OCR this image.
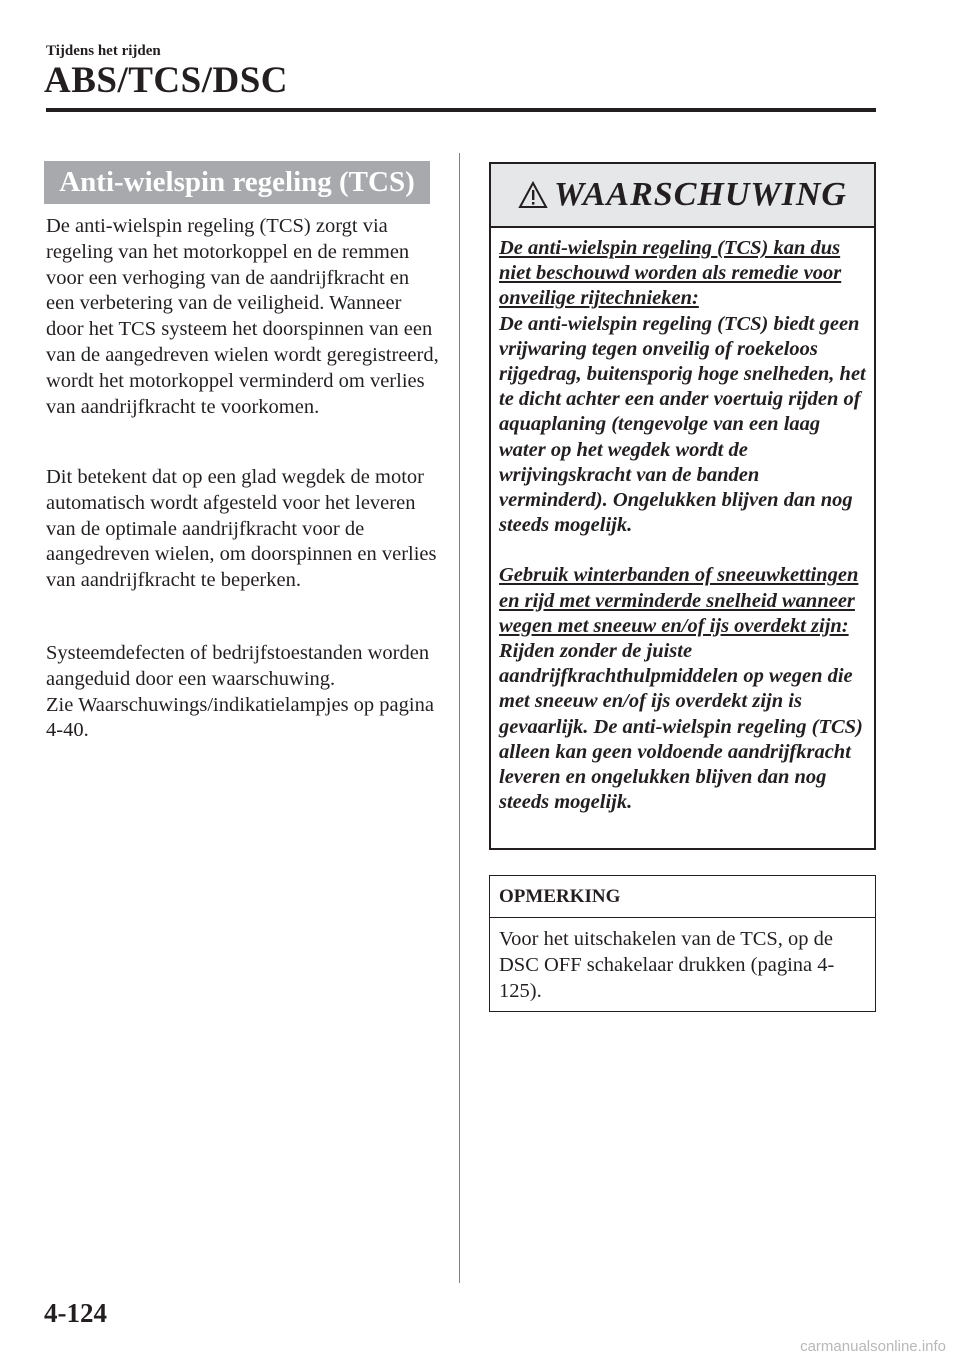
Tijdens het rijden
ABS/TCS/DSC
Anti-wielspin regeling (TCS)

De anti-wielspin regeling (TCS) zorgt via regeling van het motorkoppel en de remmen voor een verhoging van de aandrijfkracht en een verbetering van de veiligheid. Wanneer door het TCS systeem het doorspinnen van een van de aangedreven wielen wordt geregistreerd, wordt het motorkoppel verminderd om verlies van aandrijfkracht te voorkomen.

Dit betekent dat op een glad wegdek de motor automatisch wordt afgesteld voor het leveren van de optimale aandrijfkracht voor de aangedreven wielen, om doorspinnen en verlies van aandrijfkracht te beperken.

Systeemdefecten of bedrijfstoestanden worden aangeduid door een waarschuwing.

Zie Waarschuwings/indikatielampjes op pagina 4-40.

WAARSCHUWING

De anti-wielspin regeling (TCS) kan dus niet beschouwd worden als remedie voor onveilige rijtechnieken:

De anti-wielspin regeling (TCS) biedt geen vrijwaring tegen onveilig of roekeloos rijgedrag, buitensporig hoge snelheden, het te dicht achter een ander voertuig rijden of aquaplaning (tengevolge van een laag water op het wegdek wordt de wrijvingskracht van de banden verminderd). Ongelukken blijven dan nog steeds mogelijk.

Gebruik winterbanden of sneeuwkettingen en rijd met verminderde snelheid wanneer wegen met sneeuw en/of ijs overdekt zijn:

Rijden zonder de juiste aandrijfkrachthulpmiddelen op wegen die met sneeuw en/of ijs overdekt zijn is gevaarlijk. De anti-wielspin regeling (TCS) alleen kan geen voldoende aandrijfkracht leveren en ongelukken blijven dan nog steeds mogelijk.

OPMERKING
Voor het uitschakelen van de TCS, op de DSC OFF schakelaar drukken (pagina 4-125).
4-124
carmanualsonline.info
